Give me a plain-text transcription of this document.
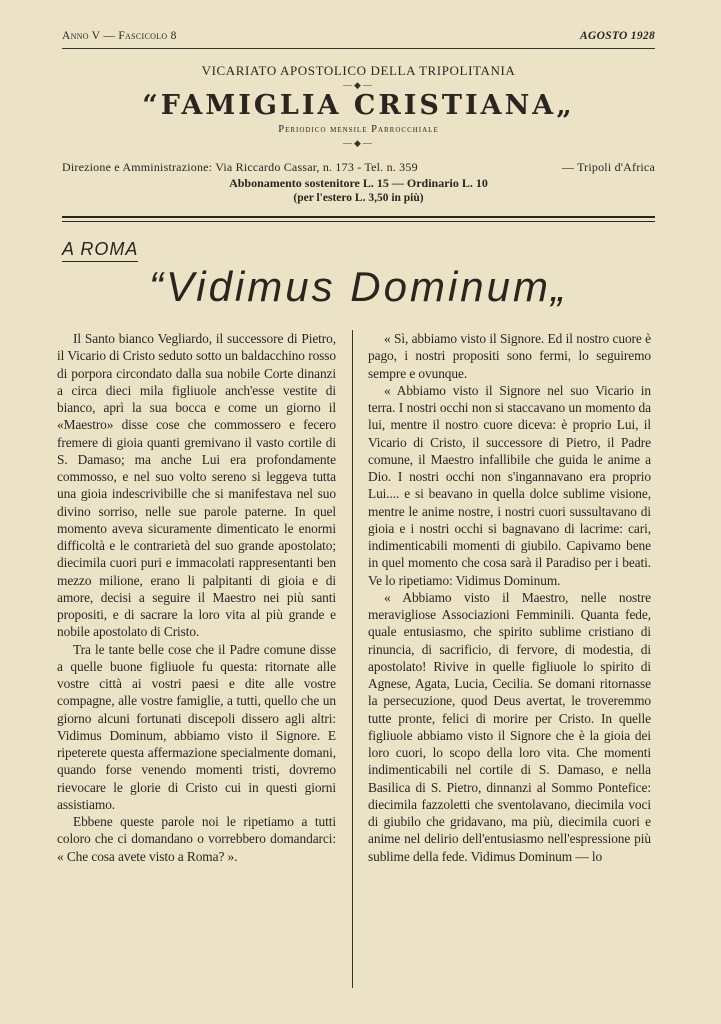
Anno V — Fascicolo 8	AGOSTO 1928
VICARIATO APOSTOLICO DELLA TRIPOLITANIA
—◆—
“FAMIGLIA CRISTIANA„
Periodico mensile Parrocchiale
—◆—
Direzione e Amministrazione: Via Riccardo Cassar, n. 173 - Tel. n. 359	— Tripoli d'Africa
Abbonamento sostenitore L. 15 — Ordinario L. 10
(per l'estero L. 3,50 in più)
A ROMA
“Vidimus Dominum„

Il Santo bianco Vegliardo, il successore di Pietro, il Vicario di Cristo seduto sotto un baldacchino rosso di porpora circondato dalla sua nobile Corte dinanzi a circa dieci mila figliuole anch'esse vestite di bianco, aprì la sua bocca e come un giorno il «Maestro» disse cose che commossero e fecero fremere di gioia quanti gremivano il vasto cortile di S. Damaso; ma anche Lui era profondamente commosso, e nel suo volto sereno si leggeva tutta una gioia indescrivibille che si manifestava nel suo divino sorriso, nelle sue parole paterne. In quel momento aveva sicuramente dimenticato le enormi difficoltà e le contrarietà del suo grande apostolato; diecimila cuori puri e immacolati rappresentanti ben mezzo milione, erano li palpitanti di gioia e di amore, decisi a seguire il Maestro nei più santi propositi, e di sacrare la loro vita al più grande e nobile apostolato di Cristo.

Tra le tante belle cose che il Padre comune disse a quelle buone figliuole fu questa: ritornate alle vostre città ai vostri paesi e dite alle vostre compagne, alle vostre famiglie, a tutti, quello che un giorno alcuni fortunati discepoli dissero agli altri: Vidimus Dominum, abbiamo visto il Signore. E ripeterete questa affermazione specialmente domani, quando forse venendo momenti tristi, dovremo rievocare le glorie di Cristo cui in questi giorni assistiamo.

Ebbene queste parole noi le ripetiamo a tutti coloro che ci domandano o vorrebbero domandarci: « Che cosa avete visto a Roma? ».

« Sì, abbiamo visto il Signore. Ed il nostro cuore è pago, i nostri propositi sono fermi, lo seguiremo sempre e ovunque.

« Abbiamo visto il Signore nel suo Vicario in terra. I nostri occhi non si staccavano un momento da lui, mentre il nostro cuore diceva: è proprio Lui, il Vicario di Cristo, il successore di Pietro, il Padre comune, il Maestro infallibile che guida le anime a Dio. I nostri occhi non s'ingannavano era proprio Lui.... e si beavano in quella dolce sublime visione, mentre le anime nostre, i nostri cuori sussultavano di gioia e i nostri occhi si bagnavano di lacrime: cari, indimenticabili momenti di giubilo. Capivamo bene in quel momento che cosa sarà il Paradiso per i beati. Ve lo ripetiamo: Vidimus Dominum.

« Abbiamo visto il Maestro, nelle nostre meravigliose Associazioni Femminili. Quanta fede, quale entusiasmo, che spirito sublime cristiano di rinuncia, di sacrificio, di fervore, di modestia, di apostolato! Rivive in quelle figliuole lo spirito di Agnese, Agata, Lucia, Cecilia. Se domani ritornasse la persecuzione, quod Deus avertat, le troveremmo tutte pronte, felici di morire per Cristo. In quelle figliuole abbiamo visto il Signore che è la gioia dei loro cuori, lo scopo della loro vita. Che momenti indimenticabili nel cortile di S. Damaso, e nella Basilica di S. Pietro, dinnanzi al Sommo Pontefice: diecimila fazzoletti che sventolavano, diecimila voci di giubilo che gridavano, ma più, diecimila cuori e anime nel delirio dell'entusiasmo nell'espressione più sublime della fede. Vidimus Dominum — lo
